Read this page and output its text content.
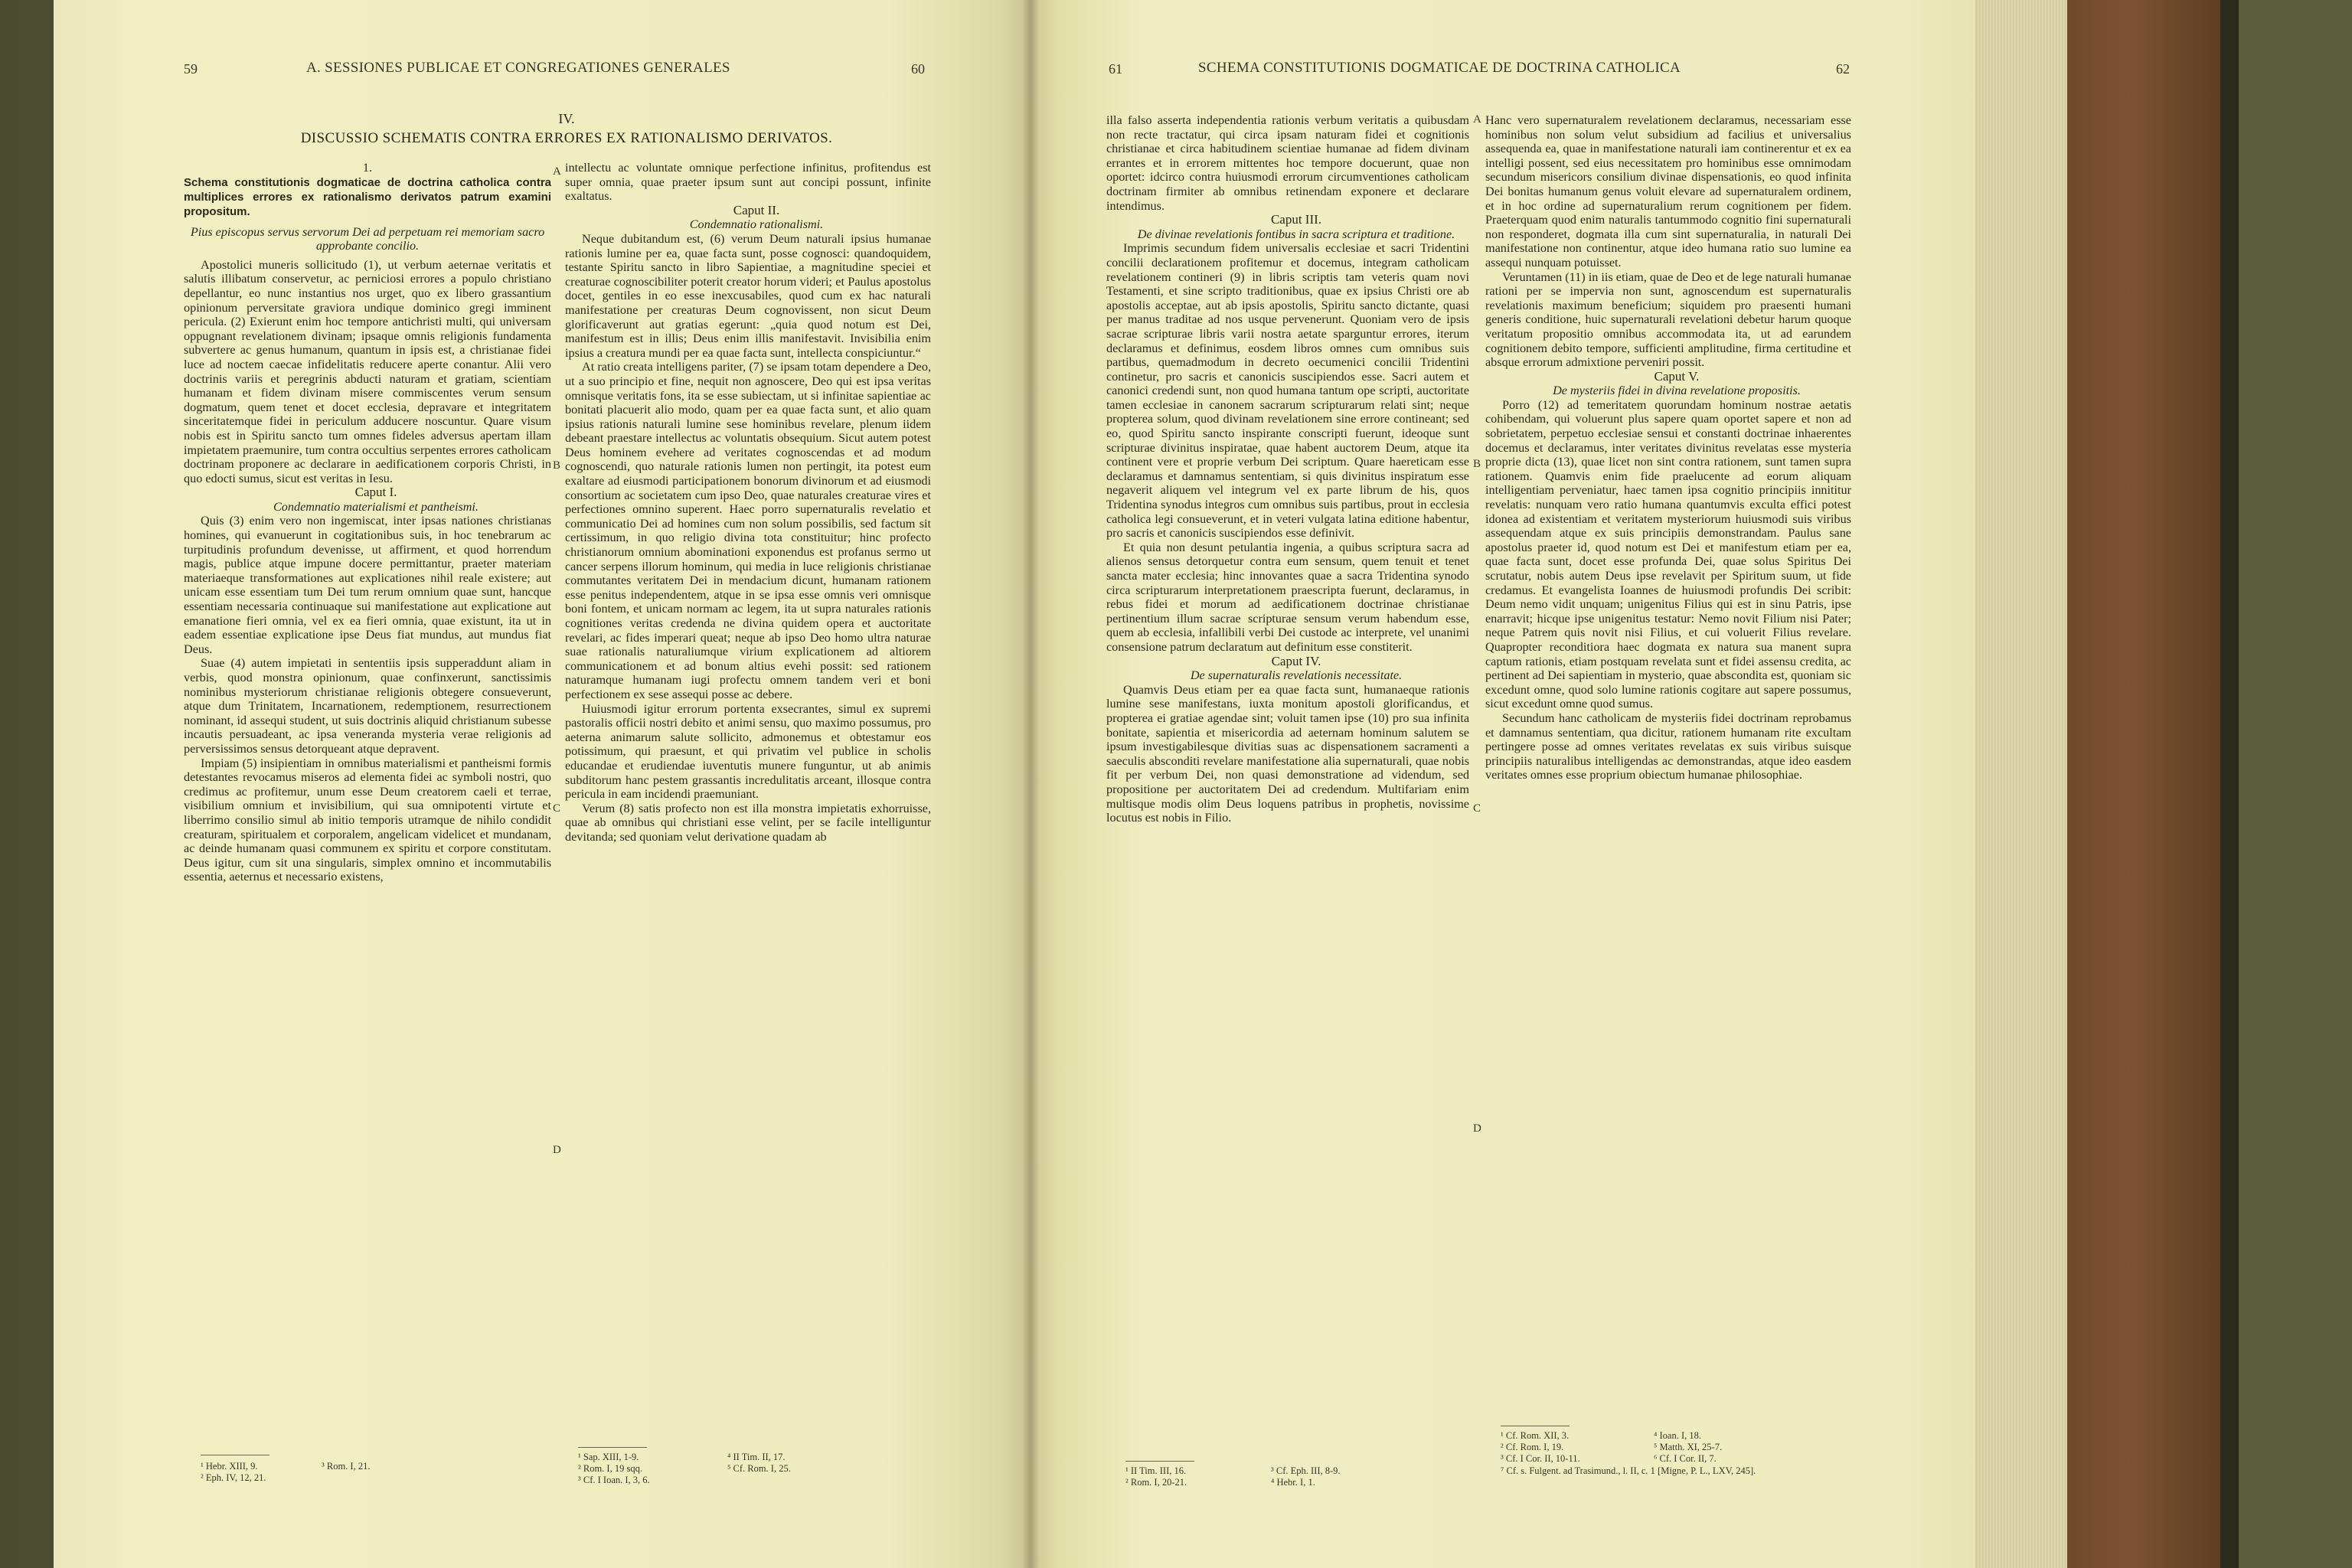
59	A. SESSIONES PUBLICAE ET CONGREGATIONES GENERALES	60
IV.
DISCUSSIO SCHEMATIS CONTRA ERRORES EX RATIONALISMO DERIVATOS.

1.

Schema constitutionis dogmaticae de doctrina catholica contra multiplices errores ex rationalismo derivatos patrum examini propositum.

Pius episcopus servus servorum Dei ad perpetuam rei memoriam sacro approbante concilio.

Apostolici muneris sollicitudo (1), ut verbum aeternae veritatis et salutis illibatum conservetur, ac perniciosi errores a populo christiano depellantur, eo nunc instantius nos urget, quo ex libero grassantium opinionum perversitate graviora undique dominico gregi imminent pericula. (2) Exierunt enim hoc tempore antichristi multi, qui universam oppugnant revelationem divinam; ipsaque omnis religionis fundamenta subvertere ac genus humanum, quantum in ipsis est, a christianae fidei luce ad noctem caecae infidelitatis reducere aperte conantur. Alii vero doctrinis variis et peregrinis abducti naturam et gratiam, scientiam humanam et fidem divinam misere commiscentes verum sensum dogmatum, quem tenet et docet ecclesia, depravare et integritatem sinceritatemque fidei in periculum adducere noscuntur. Quare visum nobis est in Spiritu sancto tum omnes fideles adversus apertam illam impietatem praemunire, tum contra occultius serpentes errores catholicam doctrinam proponere ac declarare in aedificationem corporis Christi, in quo edocti sumus, sicut est veritas in Iesu.

Caput I.

Condemnatio materialismi et pantheismi.

Quis (3) enim vero non ingemiscat, inter ipsas nationes christianas homines, qui evanuerunt in cogitationibus suis, in hoc tenebrarum ac turpitudinis profundum devenisse, ut affirment, et quod horrendum magis, publice atque impune docere permittantur, praeter materiam materiaeque transformationes aut explicationes nihil reale existere; aut unicam esse essentiam tum Dei tum rerum omnium quae sunt, hancque essentiam necessaria continuaque sui manifestatione aut explicatione aut emanatione fieri omnia, vel ex ea fieri omnia, quae existunt, ita ut in eadem essentiae explicatione ipse Deus fiat mundus, aut mundus fiat Deus.

Suae (4) autem impietati in sententiis ipsis supperaddunt aliam in verbis, quod monstra opinionum, quae confinxerunt, sanctissimis nominibus mysteriorum christianae religionis obtegere consueverunt, atque dum Trinitatem, Incarnationem, redemptionem, resurrectionem nominant, id assequi student, ut suis doctrinis aliquid christianum subesse incautis persuadeant, ac ipsa veneranda mysteria verae religionis ad perversissimos sensus detorqueant atque depravent.

Impiam (5) insipientiam in omnibus materialismi et pantheismi formis detestantes revocamus miseros ad elementa fidei ac symboli nostri, quo credimus ac profitemur, unum esse Deum creatorem caeli et terrae, visibilium omnium et invisibilium, qui sua omnipotenti virtute et liberrimo consilio simul ab initio temporis utramque de nihilo condidit creaturam, spiritualem et corporalem, angelicam videlicet et mundanam, ac deinde humanam quasi communem ex spiritu et corpore constitutam. Deus igitur, cum sit una singularis, simplex omnino et incommutabilis essentia, aeternus et necessario existens,

intellectu ac voluntate omnique perfectione infinitus, profitendus est super omnia, quae praeter ipsum sunt aut concipi possunt, infinite exaltatus.

Caput II.

Condemnatio rationalismi.

Neque dubitandum est, (6) verum Deum naturali ipsius humanae rationis lumine per ea, quae facta sunt, posse cognosci: quandoquidem, testante Spiritu sancto in libro Sapientiae, a magnitudine speciei et creaturae cognoscibiliter poterit creator horum videri; et Paulus apostolus docet, gentiles in eo esse inexcusabiles, quod cum ex hac naturali manifestatione per creaturas Deum cognovissent, non sicut Deum glorificaverunt aut gratias egerunt: „quia quod notum est Dei, manifestum est in illis; Deus enim illis manifestavit. Invisibilia enim ipsius a creatura mundi per ea quae facta sunt, intellecta conspiciuntur.“

At ratio creata intelligens pariter, (7) se ipsam totam dependere a Deo, ut a suo principio et fine, nequit non agnoscere, Deo qui est ipsa veritas omnisque veritatis fons, ita se esse subiectam, ut si infinitae sapientiae ac bonitati placuerit alio modo, quam per ea quae facta sunt, et alio quam ipsius rationis naturali lumine sese hominibus revelare, plenum iidem debeant praestare intellectus ac voluntatis obsequium. Sicut autem potest Deus hominem evehere ad veritates cognoscendas et ad modum cognoscendi, quo naturale rationis lumen non pertingit, ita potest eum exaltare ad eiusmodi participationem bonorum divinorum et ad eiusmodi consortium ac societatem cum ipso Deo, quae naturales creaturae vires et perfectiones omnino superent. Haec porro supernaturalis revelatio et communicatio Dei ad homines cum non solum possibilis, sed factum sit certissimum, in quo religio divina tota constituitur; hinc profecto christianorum omnium abominationi exponendus est profanus sermo ut cancer serpens illorum hominum, qui media in luce religionis christianae commutantes veritatem Dei in mendacium dicunt, humanam rationem esse penitus independentem, atque in se ipsa esse omnis veri omnisque boni fontem, et unicam normam ac legem, ita ut supra naturales rationis cognitiones veritas credenda ne divina quidem opera et auctoritate revelari, ac fides imperari queat; neque ab ipso Deo homo ultra naturae suae rationalis naturaliumque virium explicationem ad altiorem communicationem et ad bonum altius evehi possit: sed rationem naturamque humanam iugi profectu omnem tandem veri et boni perfectionem ex sese assequi posse ac debere.

Huiusmodi igitur errorum portenta exsecrantes, simul ex supremi pastoralis officii nostri debito et animi sensu, quo maximo possumus, pro aeterna animarum salute sollicito, admonemus et obtestamur eos potissimum, qui praesunt, et qui privatim vel publice in scholis educandae et erudiendae iuventutis munere funguntur, ut ab animis subditorum hanc pestem grassantis incredulitatis arceant, illosque contra pericula in eam incidendi praemuniant.

Verum (8) satis profecto non est illa monstra impietatis exhorruisse, quae ab omnibus qui christiani esse velint, per se facile intelliguntur devitanda; sed quoniam velut derivatione quadam ab

A
B
C
D
¹ Hebr. XIII, 9.
² Eph. IV, 12, 21.
³ Rom. I, 21.
¹ Sap. XIII, 1-9.
² Rom. I, 19 sqq.
³ Cf. I Ioan. I, 3, 6.
⁴ II Tim. II, 17.
⁵ Cf. Rom. I, 25.
61	SCHEMA CONSTITUTIONIS DOGMATICAE DE DOCTRINA CATHOLICA	62

illa falso asserta independentia rationis verbum veritatis a quibusdam non recte tractatur, qui circa ipsam naturam fidei et cognitionis christianae et circa habitudinem scientiae humanae ad fidem divinam errantes et in errorem mittentes hoc tempore docuerunt, quae non oportet: idcirco contra huiusmodi errorum circumventiones catholicam doctrinam firmiter ab omnibus retinendam exponere et declarare intendimus.

Caput III.

De divinae revelationis fontibus in sacra scriptura et traditione.

Imprimis secundum fidem universalis ecclesiae et sacri Tridentini concilii declarationem profitemur et docemus, integram catholicam revelationem contineri (9) in libris scriptis tam veteris quam novi Testamenti, et sine scripto traditionibus, quae ex ipsius Christi ore ab apostolis acceptae, aut ab ipsis apostolis, Spiritu sancto dictante, quasi per manus traditae ad nos usque pervenerunt. Quoniam vero de ipsis sacrae scripturae libris varii nostra aetate sparguntur errores, iterum declaramus et definimus, eosdem libros omnes cum omnibus suis partibus, quemadmodum in decreto oecumenici concilii Tridentini continetur, pro sacris et canonicis suscipiendos esse. Sacri autem et canonici credendi sunt, non quod humana tantum ope scripti, auctoritate tamen ecclesiae in canonem sacrarum scripturarum relati sint; neque propterea solum, quod divinam revelationem sine errore contineant; sed eo, quod Spiritu sancto inspirante conscripti fuerunt, ideoque sunt scripturae divinitus inspiratae, quae habent auctorem Deum, atque ita continent vere et proprie verbum Dei scriptum. Quare haereticam esse declaramus et damnamus sententiam, si quis divinitus inspiratum esse negaverit aliquem vel integrum vel ex parte librum de his, quos Tridentina synodus integros cum omnibus suis partibus, prout in ecclesia catholica legi consueverunt, et in veteri vulgata latina editione habentur, pro sacris et canonicis suscipiendos esse definivit.

Et quia non desunt petulantia ingenia, a quibus scriptura sacra ad alienos sensus detorquetur contra eum sensum, quem tenuit et tenet sancta mater ecclesia; hinc innovantes quae a sacra Tridentina synodo circa scripturarum interpretationem praescripta fuerunt, declaramus, in rebus fidei et morum ad aedificationem doctrinae christianae pertinentium illum sacrae scripturae sensum verum habendum esse, quem ab ecclesia, infallibili verbi Dei custode ac interprete, vel unanimi consensione patrum declaratum aut definitum esse constiterit.

Caput IV.

De supernaturalis revelationis necessitate.

Quamvis Deus etiam per ea quae facta sunt, humanaeque rationis lumine sese manifestans, iuxta monitum apostoli glorificandus, et propterea ei gratiae agendae sint; voluit tamen ipse (10) pro sua infinita bonitate, sapientia et misericordia ad aeternam hominum salutem se ipsum investigabilesque divitias suas ac dispensationem sacramenti a saeculis absconditi revelare manifestatione alia supernaturali, quae nobis fit per verbum Dei, non quasi demonstratione ad videndum, sed propositione per auctoritatem Dei ad credendum. Multifariam enim multisque modis olim Deus loquens patribus in prophetis, novissime locutus est nobis in Filio.

Hanc vero supernaturalem revelationem declaramus, necessariam esse hominibus non solum velut subsidium ad facilius et universalius assequenda ea, quae in manifestatione naturali iam continerentur et ex ea intelligi possent, sed eius necessitatem pro hominibus esse omnimodam secundum misericors consilium divinae dispensationis, eo quod infinita Dei bonitas humanum genus voluit elevare ad supernaturalem ordinem, et in hoc ordine ad supernaturalium rerum cognitionem per fidem. Praeterquam quod enim naturalis tantummodo cognitio fini supernaturali non responderet, dogmata illa cum sint supernaturalia, in naturali Dei manifestatione non continentur, atque ideo humana ratio suo lumine ea assequi nunquam potuisset.

Veruntamen (11) in iis etiam, quae de Deo et de lege naturali humanae rationi per se impervia non sunt, agnoscendum est supernaturalis revelationis maximum beneficium; siquidem pro praesenti humani generis conditione, huic supernaturali revelationi debetur harum quoque veritatum propositio omnibus accommodata ita, ut ad earundem cognitionem debito tempore, sufficienti amplitudine, firma certitudine et absque errorum admixtione perveniri possit.

Caput V.

De mysteriis fidei in divina revelatione propositis.

Porro (12) ad temeritatem quorundam hominum nostrae aetatis cohibendam, qui voluerunt plus sapere quam oportet sapere et non ad sobrietatem, perpetuo ecclesiae sensui et constanti doctrinae inhaerentes docemus et declaramus, inter veritates divinitus revelatas esse mysteria proprie dicta (13), quae licet non sint contra rationem, sunt tamen supra rationem. Quamvis enim fide praelucente ad eorum aliquam intelligentiam perveniatur, haec tamen ipsa cognitio principiis innititur revelatis: nunquam vero ratio humana quantumvis exculta effici potest idonea ad existentiam et veritatem mysteriorum huiusmodi suis viribus assequendam atque ex suis principiis demonstrandam. Paulus sane apostolus praeter id, quod notum est Dei et manifestum etiam per ea, quae facta sunt, docet esse profunda Dei, quae solus Spiritus Dei scrutatur, nobis autem Deus ipse revelavit per Spiritum suum, ut fide credamus. Et evangelista Ioannes de huiusmodi profundis Dei scribit: Deum nemo vidit unquam; unigenitus Filius qui est in sinu Patris, ipse enarravit; hicque ipse unigenitus testatur: Nemo novit Filium nisi Pater; neque Patrem quis novit nisi Filius, et cui voluerit Filius revelare. Quapropter reconditiora haec dogmata ex natura sua manent supra captum rationis, etiam postquam revelata sunt et fidei assensu credita, ac pertinent ad Dei sapientiam in mysterio, quae abscondita est, quoniam sic excedunt omne, quod solo lumine rationis cogitare aut sapere possumus, sicut excedunt omne quod sumus.

Secundum hanc catholicam de mysteriis fidei doctrinam reprobamus et damnamus sententiam, qua dicitur, rationem humanam rite excultam pertingere posse ad omnes veritates revelatas ex suis viribus suisque principiis naturalibus intelligendas ac demonstrandas, atque ideo easdem veritates omnes esse proprium obiectum humanae philosophiae.

A
B
C
D
¹ II Tim. III, 16.
² Rom. I, 20-21.
³ Cf. Eph. III, 8-9.
⁴ Hebr. I, 1.
¹ Cf. Rom. XII, 3.
² Cf. Rom. I, 19.
³ Cf. I Cor. II, 10-11.
⁴ Ioan. I, 18.
⁵ Matth. XI, 25-7.
⁶ Cf. I Cor. II, 7.
⁷ Cf. s. Fulgent. ad Trasimund., l. II, c. 1 [Migne, P. L., LXV, 245].
